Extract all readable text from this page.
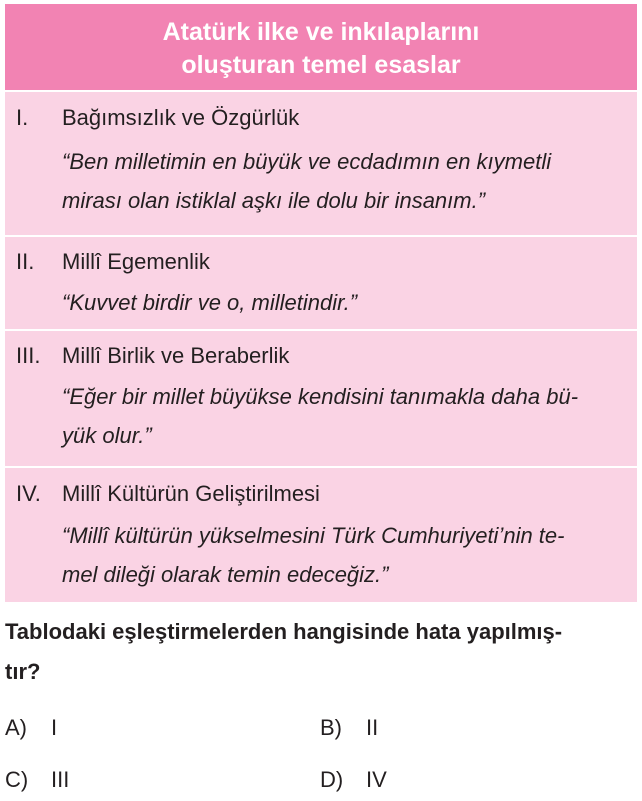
Atatürk ilke ve inkılaplarını
oluşturan temel esaslar
I. Bağımsızlık ve Özgürlük
“Ben milletimin en büyük ve ecdadımın en kıymetli
mirası olan istiklal aşkı ile dolu bir insanım.”
II. Millî Egemenlik
“Kuvvet birdir ve o, milletindir.”
III. Millî Birlik ve Beraberlik
“Eğer bir millet büyükse kendisini tanımakla daha bü-
yük olur.”
IV. Millî Kültürün Geliştirilmesi
“Millî kültürün yükselmesini Türk Cumhuriyeti’nin te-
mel dileği olarak temin edeceğiz.”
Tablodaki eşleştirmelerden hangisinde hata yapılmış-
tır?
A) I	B) II
C) III	D) IV
